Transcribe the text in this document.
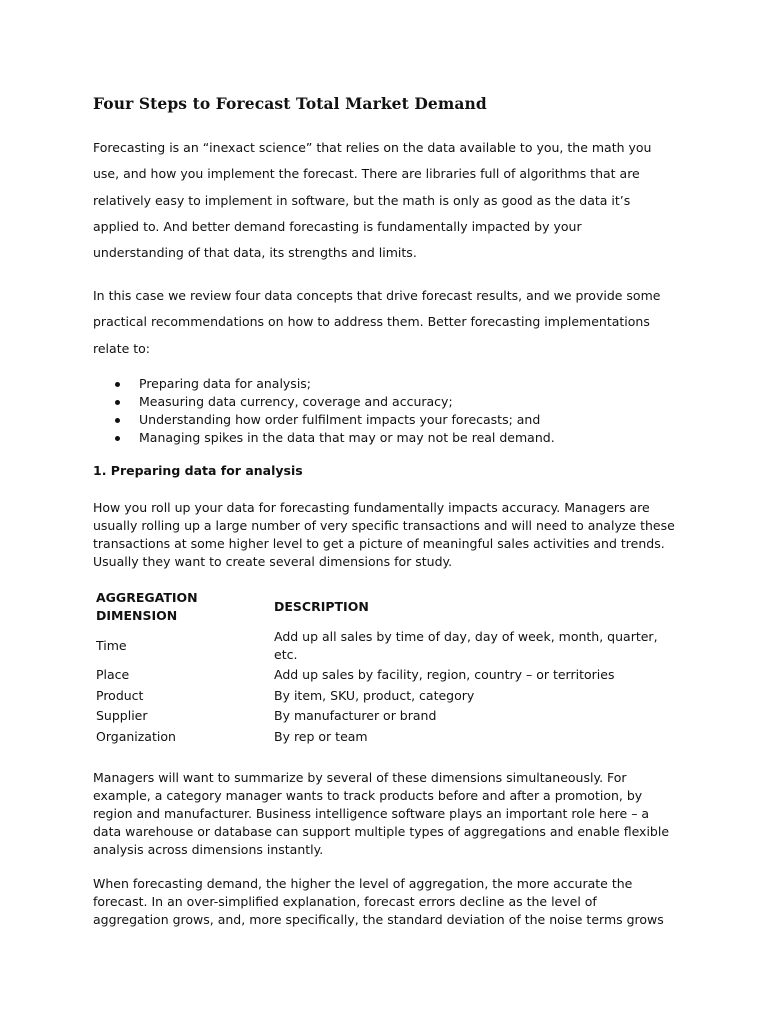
Four Steps to Forecast Total Market Demand
Forecasting is an “inexact science” that relies on the data available to you, the math you
use, and how you implement the forecast. There are libraries full of algorithms that are
relatively easy to implement in software, but the math is only as good as the data it’s
applied to. And better demand forecasting is fundamentally impacted by your
understanding of that data, its strengths and limits.
In this case we review four data concepts that drive forecast results, and we provide some
practical recommendations on how to address them. Better forecasting implementations
relate to:
Preparing data for analysis;
Measuring data currency, coverage and accuracy;
Understanding how order fulfilment impacts your forecasts; and
Managing spikes in the data that may or may not be real demand.
1. Preparing data for analysis
How you roll up your data for forecasting fundamentally impacts accuracy. Managers are
usually rolling up a large number of very specific transactions and will need to analyze these
transactions at some higher level to get a picture of meaningful sales activities and trends.
Usually they want to create several dimensions for study.
AGGREGATION
DIMENSION	DESCRIPTION
Time	Add up all sales by time of day, day of week, month, quarter,
etc.

Place	Add up sales by facility, region, country – or territories
Product	By item, SKU, product, category
Supplier	By manufacturer or brand
Organization	By rep or team
Managers will want to summarize by several of these dimensions simultaneously. For
example, a category manager wants to track products before and after a promotion, by
region and manufacturer. Business intelligence software plays an important role here – a
data warehouse or database can support multiple types of aggregations and enable flexible
analysis across dimensions instantly.
When forecasting demand, the higher the level of aggregation, the more accurate the
forecast. In an over-simplified explanation, forecast errors decline as the level of
aggregation grows, and, more specifically, the standard deviation of the noise terms grows
